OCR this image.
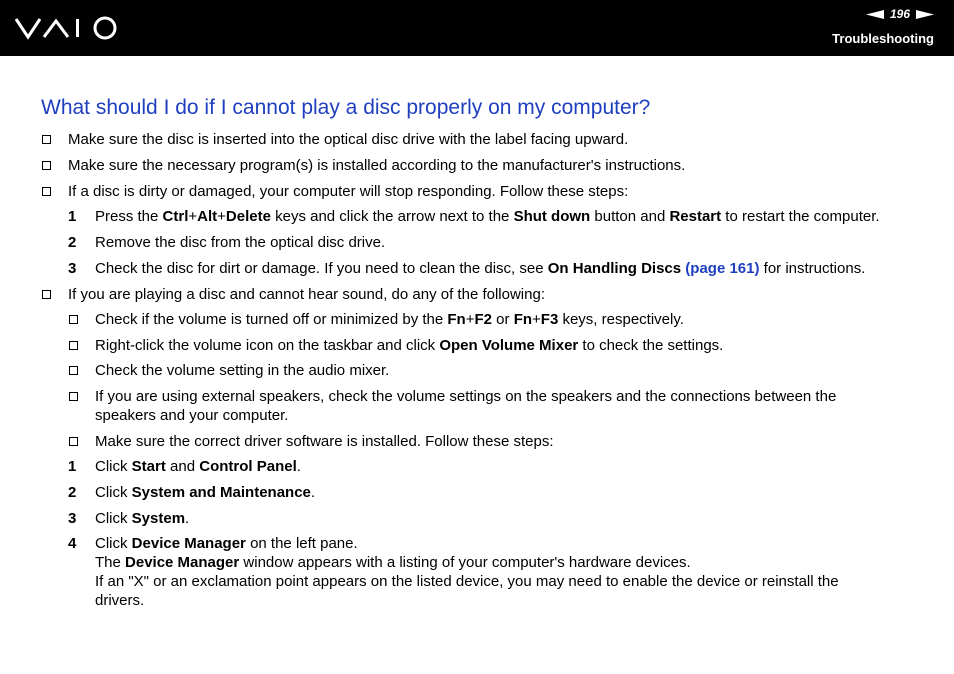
196
Troubleshooting
What should I do if I cannot play a disc properly on my computer?
Make sure the disc is inserted into the optical disc drive with the label facing upward.
Make sure the necessary program(s) is installed according to the manufacturer's instructions.
If a disc is dirty or damaged, your computer will stop responding. Follow these steps:
1 Press the Ctrl+Alt+Delete keys and click the arrow next to the Shut down button and Restart to restart the computer.
2 Remove the disc from the optical disc drive.
3 Check the disc for dirt or damage. If you need to clean the disc, see On Handling Discs (page 161) for instructions.
If you are playing a disc and cannot hear sound, do any of the following:
Check if the volume is turned off or minimized by the Fn+F2 or Fn+F3 keys, respectively.
Right-click the volume icon on the taskbar and click Open Volume Mixer to check the settings.
Check the volume setting in the audio mixer.
If you are using external speakers, check the volume settings on the speakers and the connections between the
speakers and your computer.
Make sure the correct driver software is installed. Follow these steps:
1 Click Start and Control Panel.
2 Click System and Maintenance.
3 Click System.
4 Click Device Manager on the left pane.
The Device Manager window appears with a listing of your computer's hardware devices.
If an "X" or an exclamation point appears on the listed device, you may need to enable the device or reinstall the
drivers.
